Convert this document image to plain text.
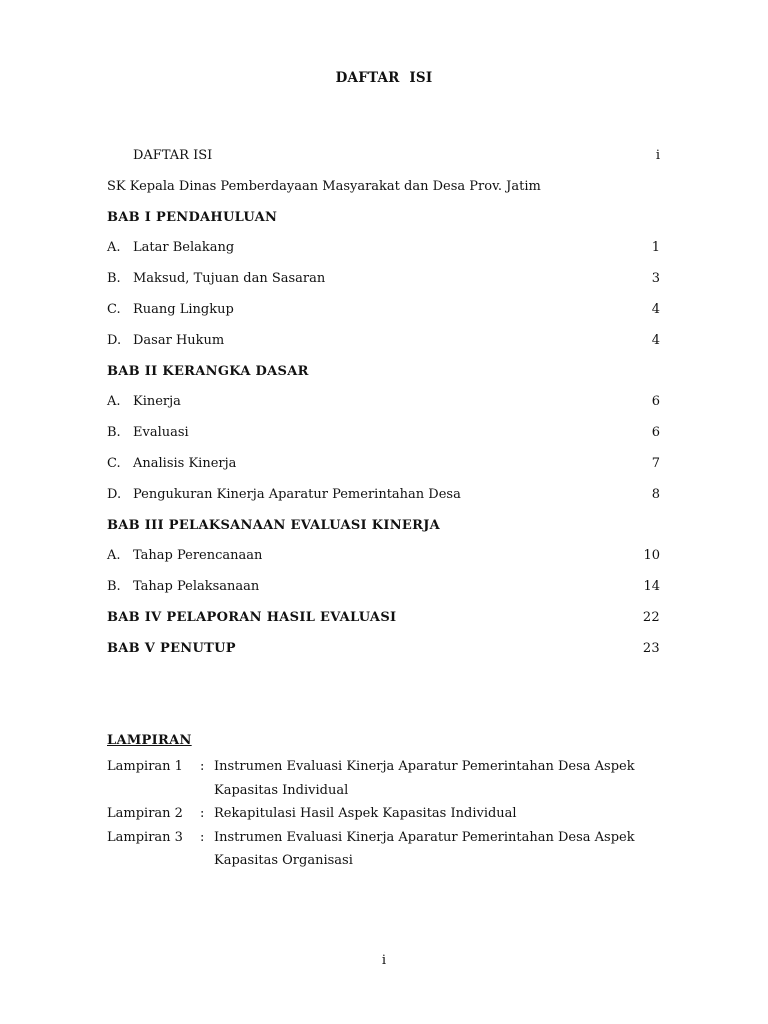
DAFTAR  ISI
DAFTAR ISI	i
SK Kepala Dinas Pemberdayaan Masyarakat dan Desa Prov. Jatim
BAB I PENDAHULUAN
A. Latar Belakang	1
B. Maksud, Tujuan dan Sasaran	3
C. Ruang Lingkup	4
D. Dasar Hukum	4
BAB II KERANGKA DASAR
A. Kinerja	6
B. Evaluasi	6
C. Analisis Kinerja	7
D. Pengukuran Kinerja Aparatur Pemerintahan Desa	8
BAB III PELAKSANAAN EVALUASI KINERJA
A. Tahap Perencanaan	10
B. Tahap Pelaksanaan	14
BAB IV PELAPORAN HASIL EVALUASI	22
BAB V PENUTUP	23
LAMPIRAN
Lampiran 1 : Instrumen Evaluasi Kinerja Aparatur Pemerintahan Desa Aspek
Kapasitas Individual
Lampiran 2 : Rekapitulasi Hasil Aspek Kapasitas Individual
Lampiran 3 : Instrumen Evaluasi Kinerja Aparatur Pemerintahan Desa Aspek
Kapasitas Organisasi
i
